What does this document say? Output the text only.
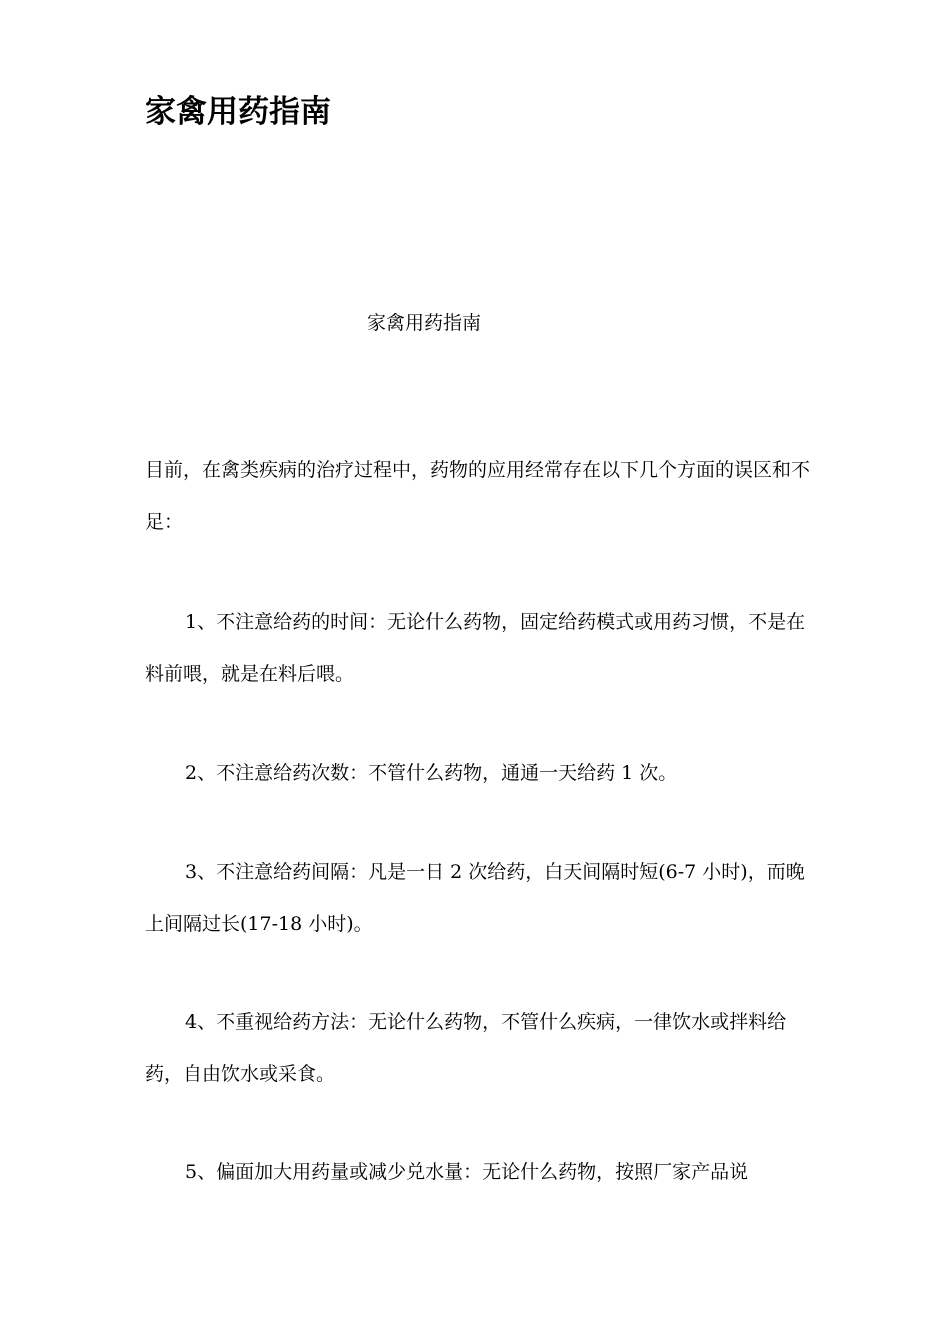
家禽用药指南

家禽用药指南

目前，在禽类疾病的治疗过程中，药物的应用经常存在以下几个方面的误区和不足：

1、不注意给药的时间：无论什么药物，固定给药模式或用药习惯，不是在料前喂，就是在料后喂。

2、不注意给药次数：不管什么药物，通通一天给药 1 次。

3、不注意给药间隔：凡是一日 2 次给药，白天间隔时短(6-7 小时)，而晚上间隔过长(17-18 小时)。

4、不重视给药方法：无论什么药物，不管什么疾病，一律饮水或拌料给药，自由饮水或采食。

5、偏面加大用药量或减少兑水量：无论什么药物，按照厂家产品说
